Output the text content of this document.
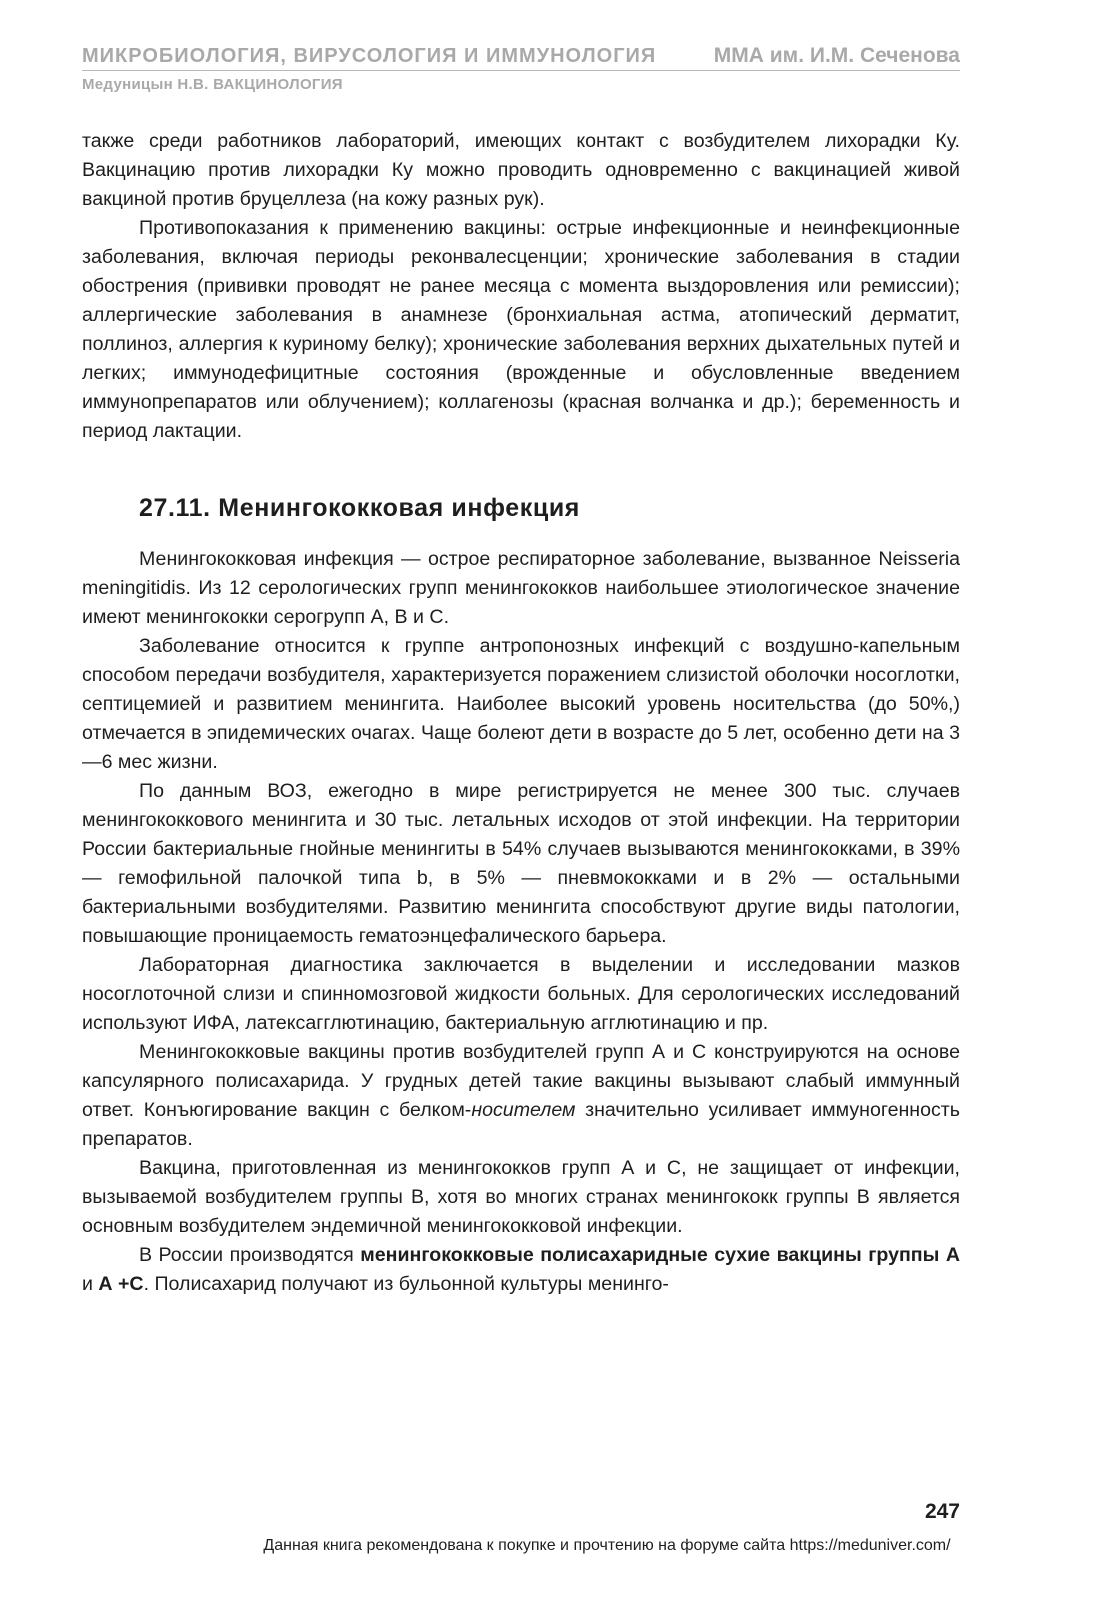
МИКРОБИОЛОГИЯ, ВИРУСОЛОГИЯ И ИММУНОЛОГИЯ	ММА им. И.М. Сеченова
Медуницын Н.В. ВАКЦИНОЛОГИЯ

также среди работников лабораторий, имеющих контакт с возбудителем лихорадки Ку. Вакцинацию против лихорадки Ку можно проводить одновременно с вакцинацией живой вакциной против бруцеллеза (на кожу разных рук).

Противопоказания к применению вакцины: острые инфекционные и неинфекционные заболевания, включая периоды реконвалесценции; хронические заболевания в стадии обострения (прививки проводят не ранее месяца с момента выздоровления или ремиссии); аллергические заболевания в анамнезе (бронхиальная астма, атопический дерматит, поллиноз, аллергия к куриному белку); хронические заболевания верхних дыхательных путей и легких; иммунодефицитные состояния (врожденные и обусловленные введением иммунопрепаратов или облучением); коллагенозы (красная волчанка и др.); беременность и период лактации.

27.11. Менингококковая инфекция

Менингококковая инфекция — острое респираторное заболевание, вызванное Neisseria meningitidis. Из 12 серологических групп менингококков наибольшее этиологическое значение имеют менингококки серогрупп А, В и С.

Заболевание относится к группе антропонозных инфекций с воздушно-капельным способом передачи возбудителя, характеризуется поражением слизистой оболочки носоглотки, септицемией и развитием менингита. Наиболее высокий уровень носительства (до 50%,) отмечается в эпидемических очагах. Чаще болеют дети в возрасте до 5 лет, особенно дети на 3—6 мес жизни.

По данным ВОЗ, ежегодно в мире регистрируется не менее 300 тыс. случаев менингококкового менингита и 30 тыс. летальных исходов от этой инфекции. На территории России бактериальные гнойные менингиты в 54% случаев вызываются менингококками, в 39% — гемофильной палочкой типа b, в 5% — пневмококками и в 2% — остальными бактериальными возбудителями. Развитию менингита способствуют другие виды патологии, повышающие проницаемость гематоэнцефалического барьера.

Лабораторная диагностика заключается в выделении и исследовании мазков носоглоточной слизи и спинномозговой жидкости больных. Для серологических исследований используют ИФА, латексагглютинацию, бактериальную агглютинацию и пр.

Менингококковые вакцины против возбудителей групп А и С конструируются на основе капсулярного полисахарида. У грудных детей такие вакцины вызывают слабый иммунный ответ. Конъюгирование вакцин с белком-носителем значительно усиливает иммуногенность препаратов.

Вакцина, приготовленная из менингококков групп А и С, не защищает от инфекции, вызываемой возбудителем группы В, хотя во многих странах менингококк группы В является основным возбудителем эндемичной менингококковой инфекции.

В России производятся менингококковые полисахаридные сухие вакцины группы А и А +С. Полисахарид получают из бульонной культуры менинго-

247
Данная книга рекомендована к покупке и прочтению на форуме сайта https://meduniver.com/
